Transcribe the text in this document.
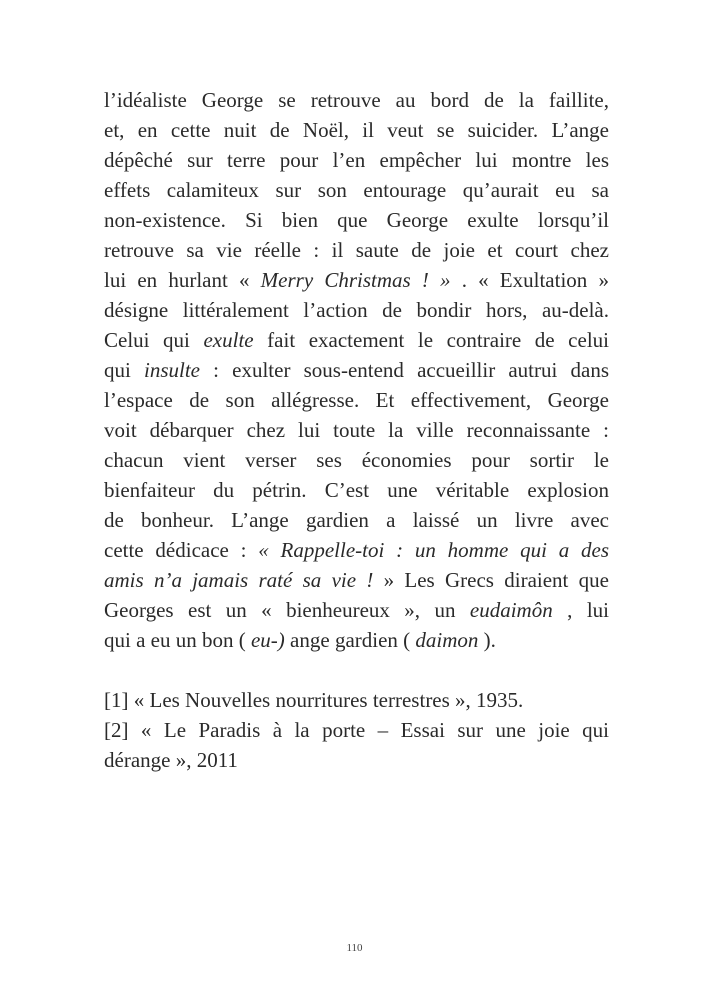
l’idéaliste George se retrouve au bord de la faillite,
et, en cette nuit de Noël, il veut se suicider. L’ange
dépêché sur terre pour l’en empêcher lui montre les
effets calamiteux sur son entourage qu’aurait eu sa
non-existence. Si bien que George exulte lorsqu’il
retrouve sa vie réelle : il saute de joie et court chez
lui en hurlant « Merry Christmas ! » . « Exultation »
désigne littéralement l’action de bondir hors, au-delà.
Celui qui exulte fait exactement le contraire de celui
qui insulte : exulter sous-entend accueillir autrui dans
l’espace de son allégresse. Et effectivement, George
voit débarquer chez lui toute la ville reconnaissante :
chacun vient verser ses économies pour sortir le
bienfaiteur du pétrin. C’est une véritable explosion
de bonheur. L’ange gardien a laissé un livre avec
cette dédicace : « Rappelle-toi : un homme qui a des
amis n’a jamais raté sa vie ! » Les Grecs diraient que
Georges est un « bienheureux », un eudaimôn , lui
qui a eu un bon ( eu-) ange gardien ( daimon ).
[1] « Les Nouvelles nourritures terrestres », 1935.
[2] « Le Paradis à la porte – Essai sur une joie qui
dérange », 2011
110
